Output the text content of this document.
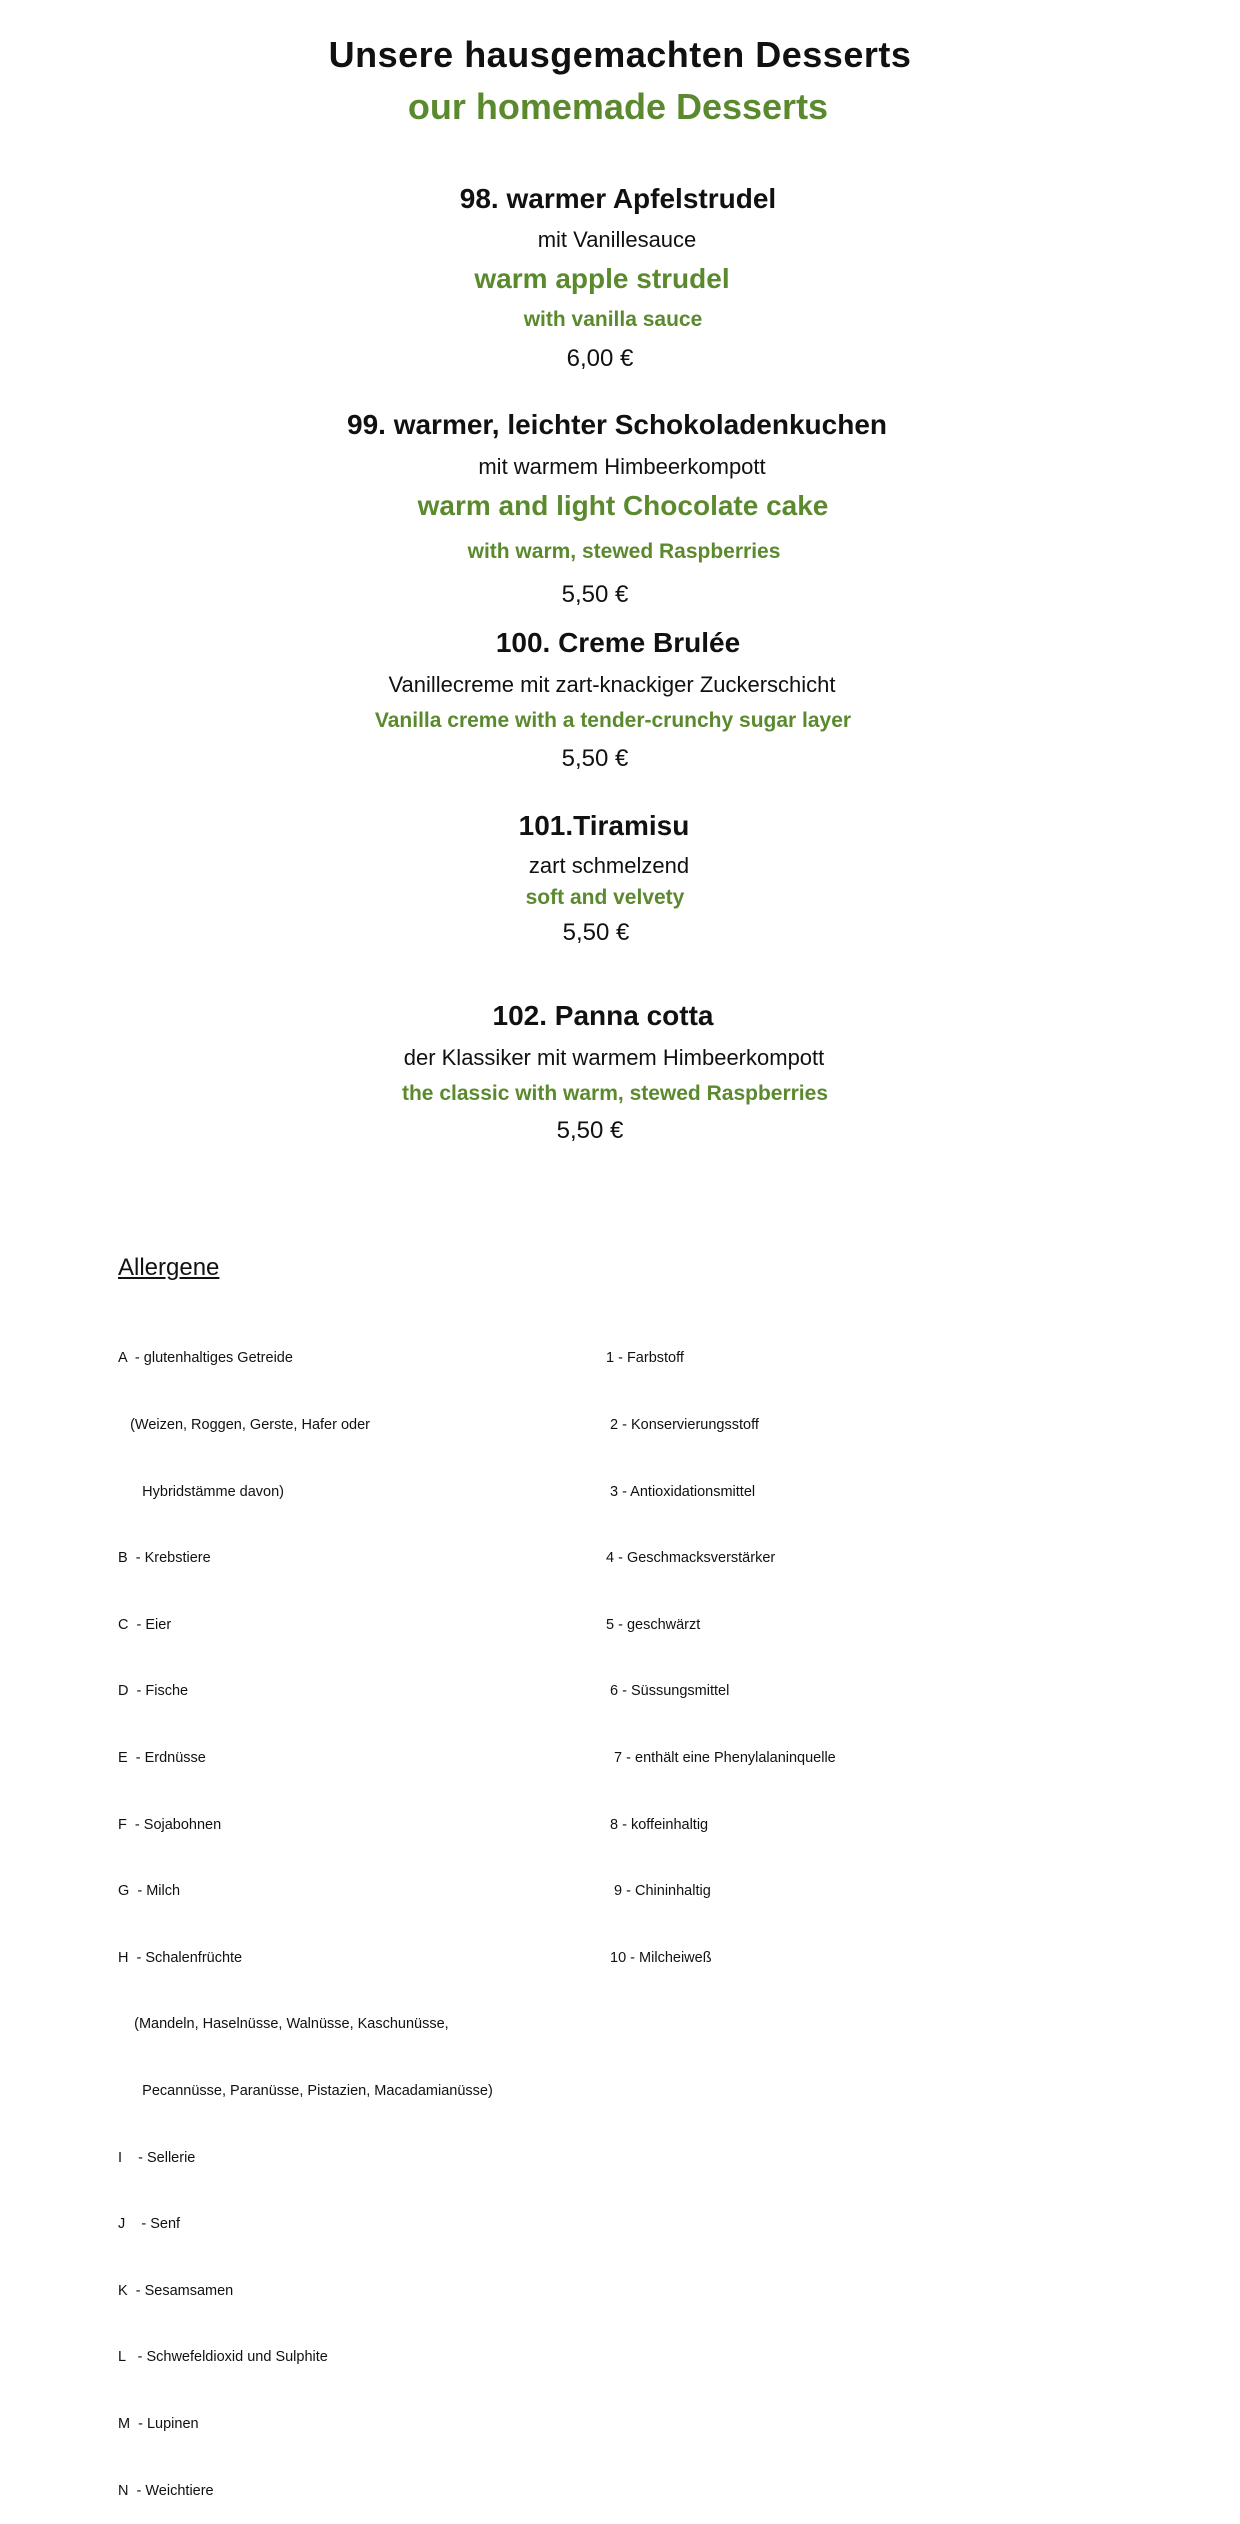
Unsere hausgemachten Desserts
our homemade Desserts
98. warmer Apfelstrudel
mit Vanillesauce
warm apple strudel
with vanilla sauce
6,00 €
99. warmer, leichter Schokoladenkuchen
mit warmem Himbeerkompott
warm and light Chocolate cake
with warm, stewed Raspberries
5,50 €
100. Creme Brulée
Vanillecreme mit zart-knackiger Zuckerschicht
Vanilla creme with a tender-crunchy sugar layer
5,50 €
101.Tiramisu
zart schmelzend
soft and velvety
5,50 €
102. Panna cotta
der Klassiker mit warmem Himbeerkompott
the classic with warm, stewed Raspberries
5,50 €
Allergene

A  - glutenhaltiges Getreide

(Weizen, Roggen, Gerste, Hafer oder

Hybridstämme davon)

B  - Krebstiere

C  - Eier

D  - Fische

E  - Erdnüsse

F  - Sojabohnen

G  - Milch

H  - Schalenfrüchte

(Mandeln, Haselnüsse, Walnüsse, Kaschunüsse,

Pecannüsse, Paranüsse, Pistazien, Macadamianüsse)

I    - Sellerie

J    - Senf

K  - Sesamsamen

L   - Schwefeldioxid und Sulphite

M  - Lupinen

N  - Weichtiere

1 - Farbstoff

2 - Konservierungsstoff

3 - Antioxidationsmittel

4 - Geschmacksverstärker

5 - geschwärzt

6 - Süssungsmittel

7 - enthält eine Phenylalaninquelle

8 - koffeinhaltig

9 - Chininhaltig

10 - Milcheiweß
